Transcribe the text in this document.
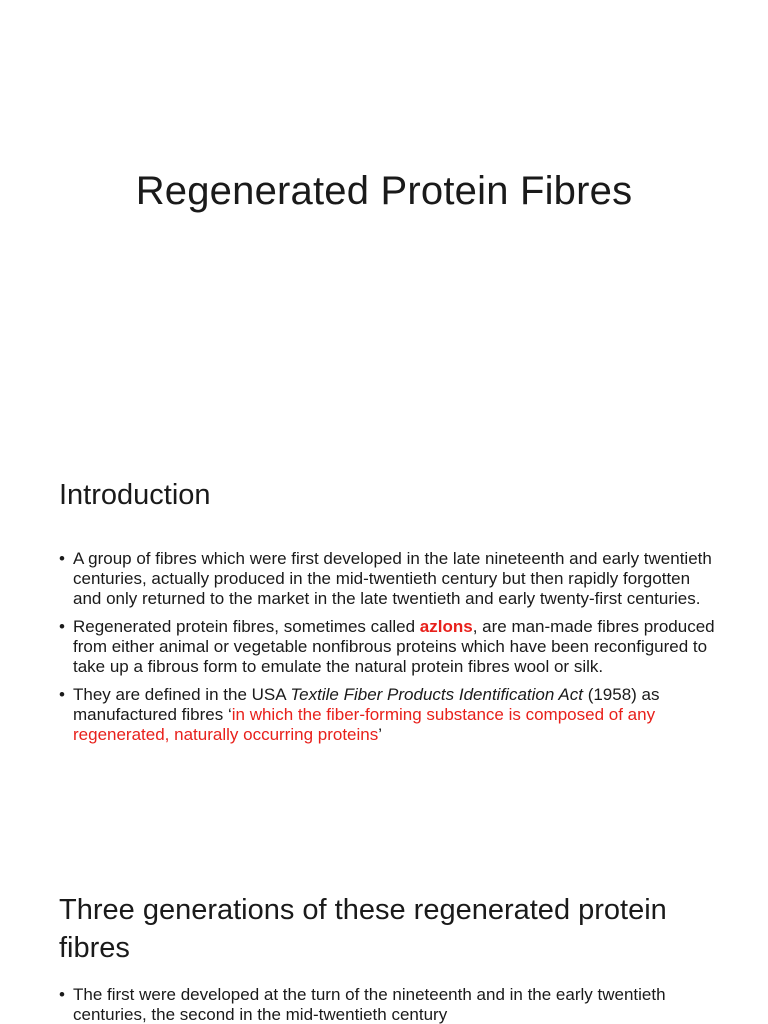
Regenerated Protein Fibres
Introduction
• A group of fibres which were first developed in the late nineteenth and early twentieth centuries, actually produced in the mid-twentieth century but then rapidly forgotten and only returned to the market in the late twentieth and early twenty-first centuries.
• Regenerated protein fibres, sometimes called azlons, are man-made fibres produced from either animal or vegetable nonfibrous proteins which have been reconfigured to take up a fibrous form to emulate the natural protein fibres wool or silk.
• They are defined in the USA Textile Fiber Products Identification Act (1958) as manufactured fibres ‘in which the fiber-forming substance is composed of any regenerated, naturally occurring proteins’
Three generations of these regenerated protein fibres
• The first were developed at the turn of the nineteenth and in the early twentieth centuries, the second in the mid-twentieth century
